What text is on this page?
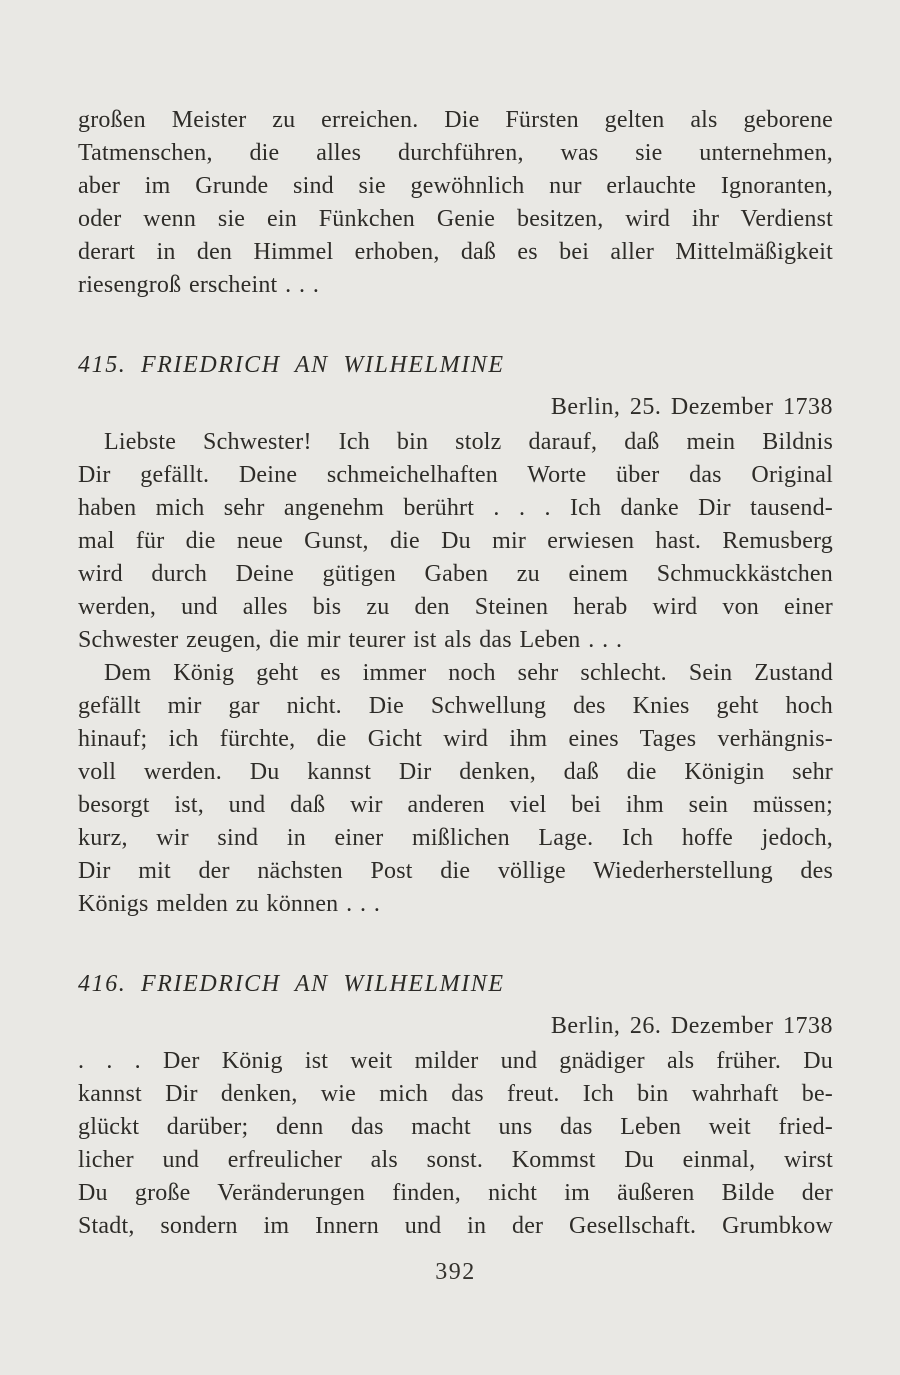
großen Meister zu erreichen. Die Fürsten gelten als geborene
Tatmenschen, die alles durchführen, was sie unternehmen,
aber im Grunde sind sie gewöhnlich nur erlauchte Ignoranten,
oder wenn sie ein Fünkchen Genie besitzen, wird ihr Verdienst
derart in den Himmel erhoben, daß es bei aller Mittelmäßigkeit
riesengroß erscheint . . .
415. FRIEDRICH AN WILHELMINE
Berlin, 25. Dezember 1738
Liebste Schwester! Ich bin stolz darauf, daß mein Bildnis
Dir gefällt. Deine schmeichelhaften Worte über das Original
haben mich sehr angenehm berührt . . . Ich danke Dir tausend-
mal für die neue Gunst, die Du mir erwiesen hast. Remusberg
wird durch Deine gütigen Gaben zu einem Schmuckkästchen
werden, und alles bis zu den Steinen herab wird von einer
Schwester zeugen, die mir teurer ist als das Leben . . .
Dem König geht es immer noch sehr schlecht. Sein Zustand
gefällt mir gar nicht. Die Schwellung des Knies geht hoch
hinauf; ich fürchte, die Gicht wird ihm eines Tages verhängnis-
voll werden. Du kannst Dir denken, daß die Königin sehr
besorgt ist, und daß wir anderen viel bei ihm sein müssen;
kurz, wir sind in einer mißlichen Lage. Ich hoffe jedoch,
Dir mit der nächsten Post die völlige Wiederherstellung des
Königs melden zu können . . .
416. FRIEDRICH AN WILHELMINE
Berlin, 26. Dezember 1738
. . . Der König ist weit milder und gnädiger als früher. Du
kannst Dir denken, wie mich das freut. Ich bin wahrhaft be-
glückt darüber; denn das macht uns das Leben weit fried-
licher und erfreulicher als sonst. Kommst Du einmal, wirst
Du große Veränderungen finden, nicht im äußeren Bilde der
Stadt, sondern im Innern und in der Gesellschaft. Grumbkow
392
